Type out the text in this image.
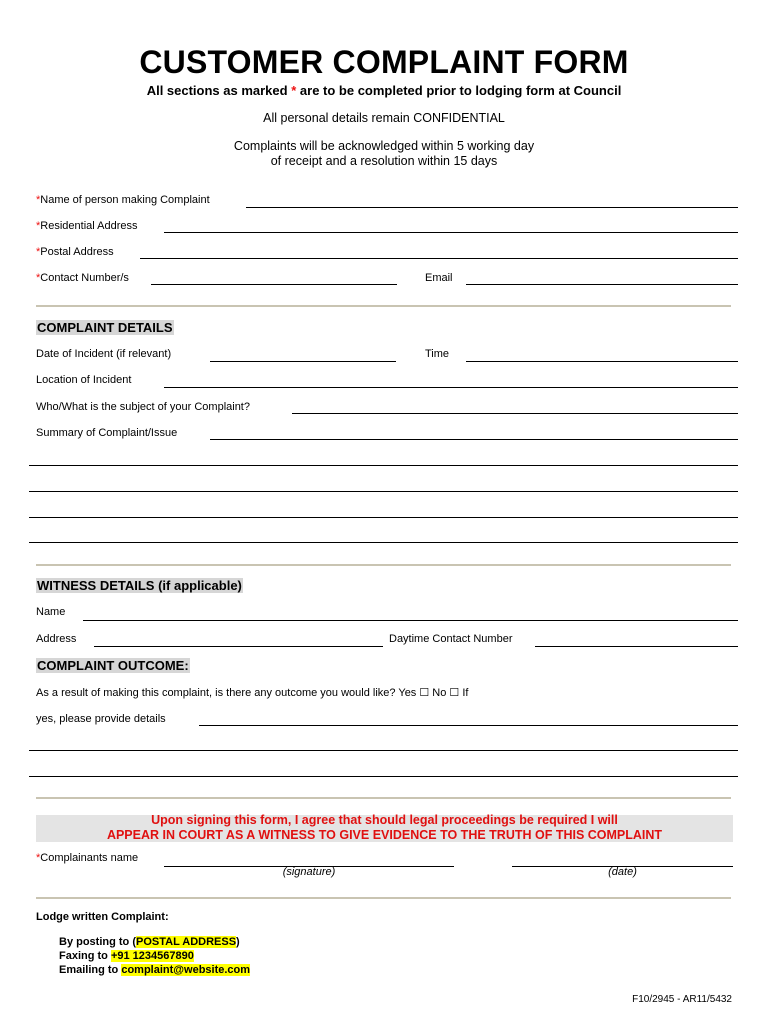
CUSTOMER COMPLAINT FORM
All sections as marked * are to be completed prior to lodging form at Council
All personal details remain CONFIDENTIAL
Complaints will be acknowledged within 5 working day
of receipt and a resolution within 15 days
*Name of person making Complaint
*Residential Address
*Postal Address
*Contact Number/s	Email
COMPLAINT DETAILS
Date of Incident (if relevant)	Time
Location of Incident
Who/What is the subject of your Complaint?
Summary of Complaint/Issue
WITNESS DETAILS (if applicable)
Name
Address	Daytime Contact Number
COMPLAINT OUTCOME:
As a result of making this complaint, is there any outcome you would like? Yes ☐ No ☐ If
yes, please provide details
Upon signing this form, I agree that should legal proceedings be required I will
APPEAR IN COURT AS A WITNESS TO GIVE EVIDENCE TO THE TRUTH OF THIS COMPLAINT
*Complainants name
(signature)	(date)
Lodge written Complaint:
By posting to (POSTAL ADDRESS)
Faxing to +91 1234567890
Emailing to complaint@website.com
F10/2945 - AR11/5432
